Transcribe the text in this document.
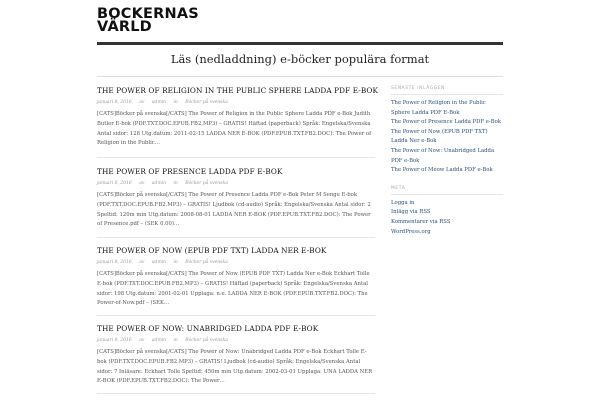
BOCKERNAS
VÄRLD
Läs (nedladdning) e-böcker populära format
THE POWER OF RELIGION IN THE PUBLIC SPHERE LADDA PDF E-BOK
januari 8, 2016 av admin in Böcker på svenska
[CATS]Böcker på svenska[/CATS] The Power of Religion in the Public Sphere Ladda PDF e-Bok Judith Butler E-bok (PDF.TXT.DOC.EPUB.FB2.MP3) – GRATIS! Häftad (paperback) Språk: Engelska/Svenska Antal sidor: 128 Utg.datum: 2011-02-15 LADDA NER E-BOK (PDF.EPUB.TXT.FB2.DOC): The Power of Religion in the Public…
THE POWER OF PRESENCE LADDA PDF E-BOK
januari 8, 2016 av admin in Böcker på svenska
[CATS]Böcker på svenska[/CATS] The Power of Presence Ladda PDF e-Bok Peter M Senge E-bok (PDF.TXT.DOC.EPUB.FB2.MP3) – GRATIS! Ljudbok (cd-audio) Språk: Engelska/Svenska Antal sidor: 2 Speltid: 120m min Utg.datum: 2008-08-01 LADDA NER E-BOK (PDF.EPUB.TXT.FB2.DOC): The Power of Presence.pdf – (SEK 0.00)…
THE POWER OF NOW (EPUB PDF TXT) LADDA NER E-BOK
januari 8, 2016 av admin in Böcker på svenska
[CATS]Böcker på svenska[/CATS] The Power of Now (EPUB PDF TXT) Ladda Ner e-Bok Eckhart Tolle E-bok (PDF.TXT.DOC.EPUB.FB2.MP3) – GRATIS! Häftad (paperback) Språk: Engelska/Svenska Antal sidor: 198 Utg.datum: 2001-02-01 Upplaga: n.e. LADDA NER E-BOK (PDF.EPUB.TXT.FB2.DOC): The Power-of-Now.pdf – (SEK…
THE POWER OF NOW: UNABRIDGED LADDA PDF E-BOK
januari 8, 2016 av admin in Böcker på svenska
[CATS]Böcker på svenska[/CATS] The Power of Now: Unabridged Ladda PDF e-Bok Eckhart Tolle E-bok (PDF.TXT.DOC.EPUB.FB2.MP3) – GRATIS! Ljudbok (cd-audio) Språk: Engelska/Svenska Antal sidor: 7 Inläsare: Eckhart Tolle Speltid: 450m min Utg.datum: 2002-03-01 Upplaga: UNA LADDA NER E-BOK (PDF.EPUB.TXT.FB2.DOC): The Power…
SENASTE INLÄGGEN
The Power of Religion in the Public Sphere Ladda PDF E-Bok
The Power of Presence Ladda PDF e-Bok
The Power of Now (EPUB PDF TXT) Ladda Ner e-Bok
The Power of Now: Unabridged Ladda PDF e-Bok
The Power of Meow Ladda PDF e-Bok
META
Logga in
Inlägg via RSS
Kommentarer via RSS
WordPress.org
